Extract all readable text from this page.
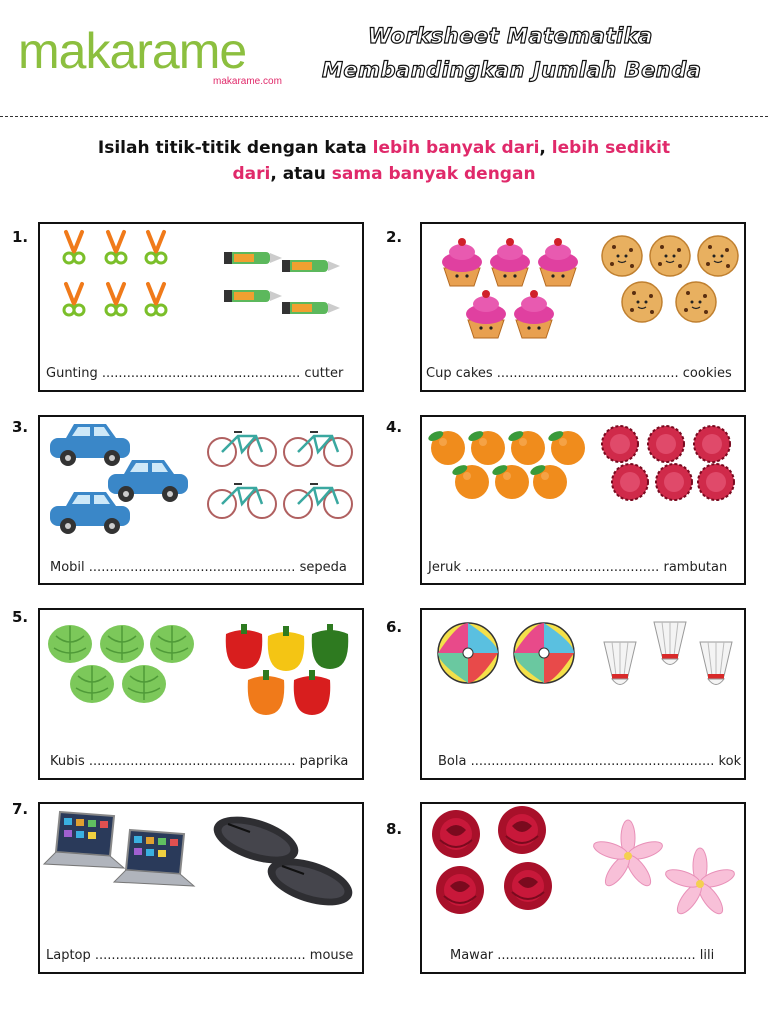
makarame
makarame.com
Worksheet Matematika
Membandingkan Jumlah Benda
Isilah titik-titik dengan kata lebih banyak dari, lebih sedikit
dari, atau sama banyak dengan
1.
Gunting ................................................ cutter
2.
Cup cakes ............................................ cookies
3.
Mobil .................................................. sepeda
4.
Jeruk ............................................... rambutan
5.
Kubis .................................................. paprika
6.
Bola ........................................................... kok
7.
Laptop ................................................... mouse
8.
Mawar ................................................ lili
